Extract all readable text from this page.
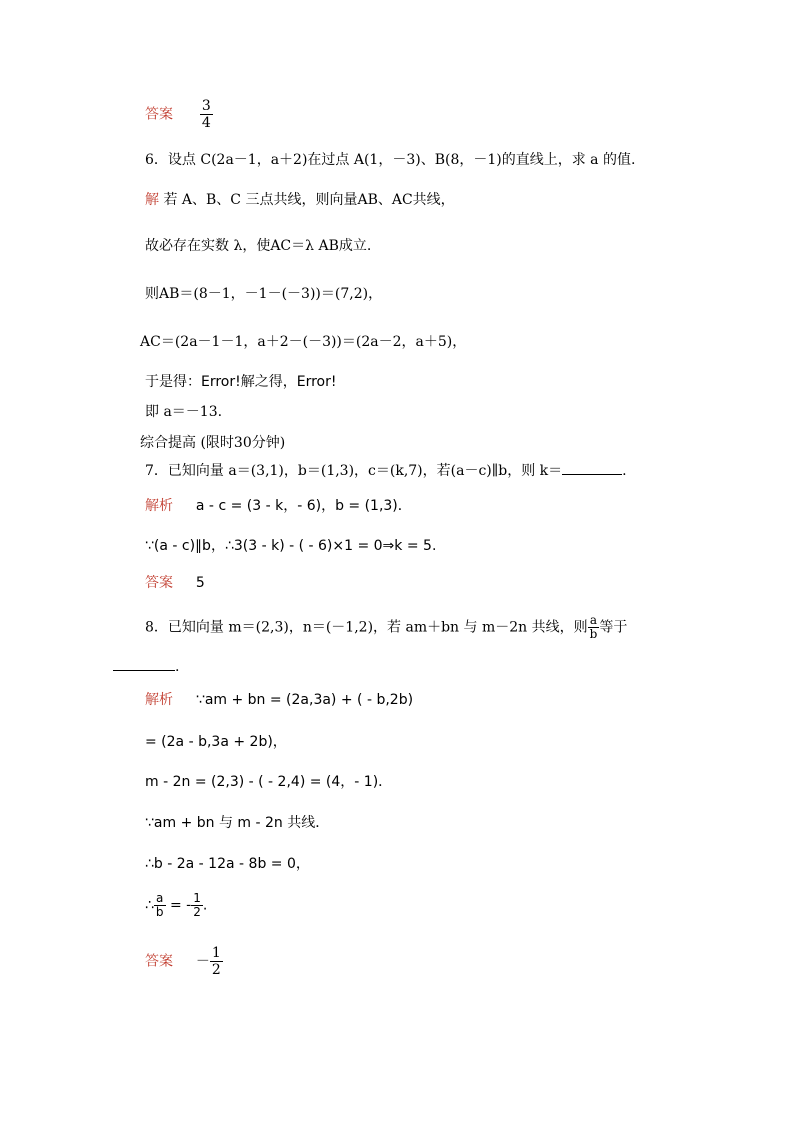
答案 $\frac{3}{4}$
6．设点 C(2a－1，a＋2)在过点 A(1，－3)、B(8，－1)的直线上，求 a 的值.
解 若 A、B、C 三点共线，则向量AB、AC共线，
故必存在实数 λ，使AC＝λ AB成立.
则AB＝(8－1，－1－(－3))＝(7,2)，
AC＝(2a－1－1，a＋2－(－3))＝(2a－2，a＋5)，
于是得：Error!解之得，Error!
即 a＝－13.
综合提高 (限时30分钟)
7．已知向量 a＝(3,1)，b＝(1,3)，c＝(k,7)，若(a－c)∥b，则 k＝	.
解析 a - c = (3 - k，- 6)，b = (1,3)．
∵(a - c)∥b，∴3(3 - k) - ( - 6)×1 = 0⇒k = 5.
答案 5
8．已知向量 m＝(2,3)，n＝(－1,2)，若 am＋bn 与 m－2n 共线，则 $\frac{a}{b}$ 等于
.
解析 ∵am + bn = (2a,3a) + ( - b,2b)
= (2a - b,3a + 2b)，
m - 2n = (2,3) - ( - 2,4) = (4，- 1)．
∵am + bn 与 m - 2n 共线．
∴b - 2a - 12a - 8b = 0，
∴ $\frac{a}{b}$ = - $\frac{1}{2}$ .
答案 － $\frac{1}{2}$
